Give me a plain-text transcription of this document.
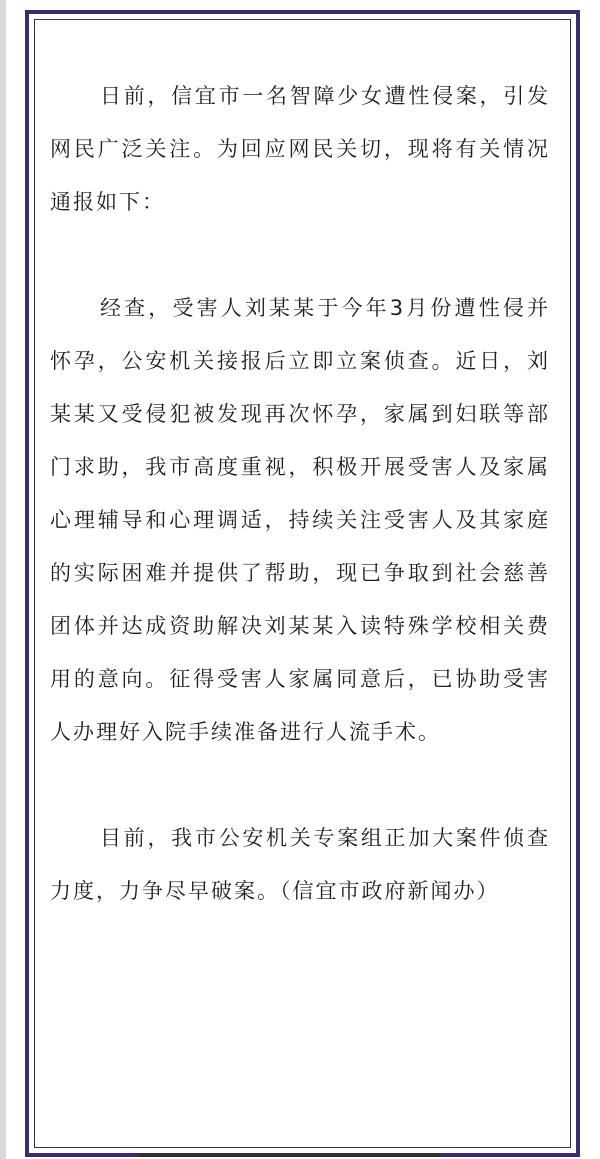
日前，信宜市一名智障少女遭性侵案，引发网民广泛关注。为回应网民关切，现将有关情况通报如下：

经查，受害人刘某某于今年3月份遭性侵并怀孕，公安机关接报后立即立案侦查。近日，刘某某又受侵犯被发现再次怀孕，家属到妇联等部门求助，我市高度重视，积极开展受害人及家属心理辅导和心理调适，持续关注受害人及其家庭的实际困难并提供了帮助，现已争取到社会慈善团体并达成资助解决刘某某入读特殊学校相关费用的意向。征得受害人家属同意后，已协助受害人办理好入院手续准备进行人流手术。

目前，我市公安机关专案组正加大案件侦查力度，力争尽早破案。（信宜市政府新闻办）
